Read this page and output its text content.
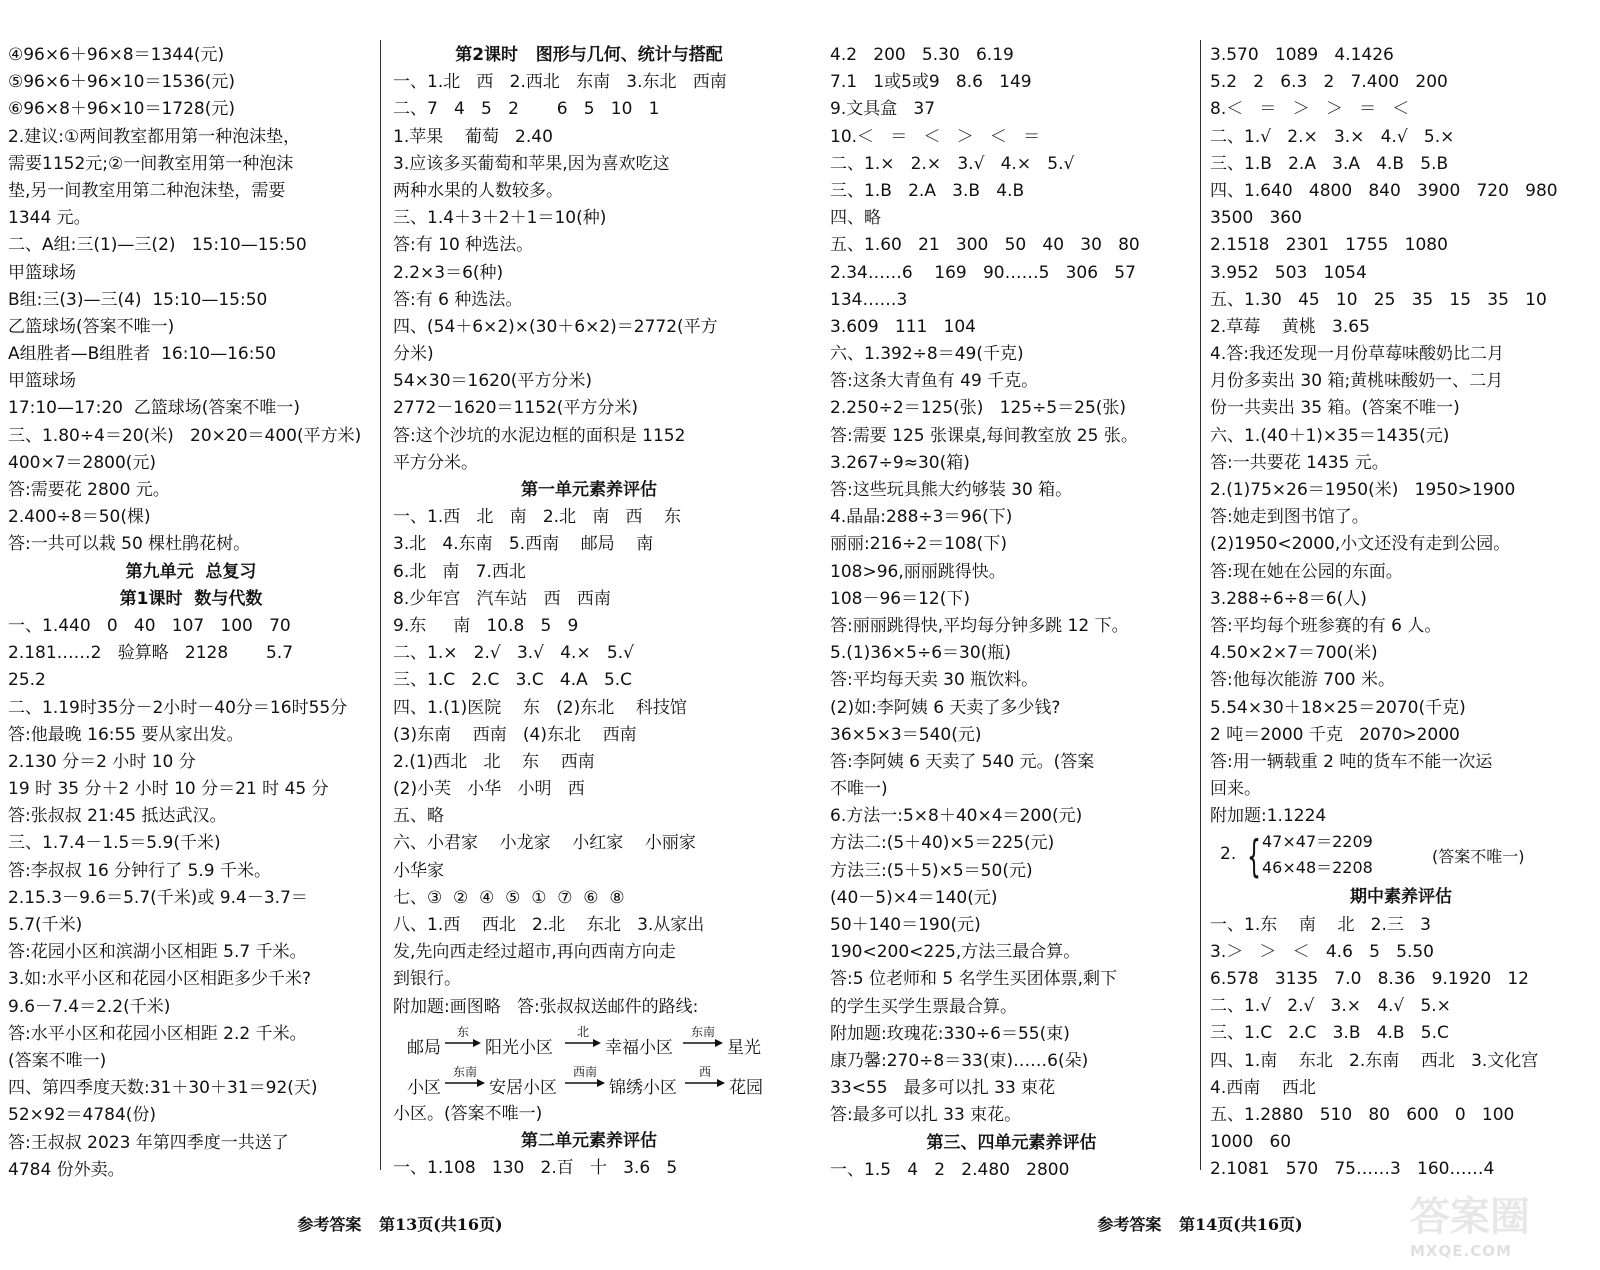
④96×6＋96×8＝1344(元)
⑤96×6＋96×10＝1536(元)
⑥96×8＋96×10＝1728(元)
2.建议:①两间教室都用第一种泡沫垫，
需要1152元;②一间教室用第一种泡沫
垫,另一间教室用第二种泡沫垫，需要
1344 元。
二、A组:三(1)—三(2)   15:10—15:50
甲篮球场
B组:三(3)—三(4)  15:10—15:50
乙篮球场(答案不唯一)
A组胜者—B组胜者  16:10—16:50
甲篮球场
17:10—17:20  乙篮球场(答案不唯一)
三、1.80÷4＝20(米)   20×20＝400(平方米)
400×7＝2800(元)
答:需要花 2800 元。
2.400÷8＝50(棵)
答:一共可以栽 50 棵杜鹃花树。
第九单元  总复习
第1课时  数与代数
一、1.440   0   40   107   100   70
2.181……2   验算略   2128       5.7
25.2
二、1.19时35分－2小时－40分＝16时55分
答:他最晚 16:55 要从家出发。
2.130 分＝2 小时 10 分
19 时 35 分＋2 小时 10 分＝21 时 45 分
答:张叔叔 21:45 抵达武汉。
三、1.7.4－1.5＝5.9(千米)
答:李叔叔 16 分钟行了 5.9 千米。
2.15.3－9.6＝5.7(千米)或 9.4－3.7＝
5.7(千米)
答:花园小区和滨湖小区相距 5.7 千米。
3.如:水平小区和花园小区相距多少千米?
9.6－7.4＝2.2(千米)
答:水平小区和花园小区相距 2.2 千米。
(答案不唯一)
四、第四季度天数:31＋30＋31＝92(天)
52×92＝4784(份)
答:王叔叔 2023 年第四季度一共送了
4784 份外卖。
第2课时   图形与几何、统计与搭配
一、1.北   西   2.西北   东南   3.东北   西南
二、7   4   5   2       6   5   10   1
1.苹果    葡萄   2.40
3.应该多买葡萄和苹果,因为喜欢吃这
两种水果的人数较多。
三、1.4＋3＋2＋1＝10(种)
答:有 10 种选法。
2.2×3＝6(种)
答:有 6 种选法。
四、(54＋6×2)×(30＋6×2)＝2772(平方
分米)
54×30＝1620(平方分米)
2772－1620＝1152(平方分米)
答:这个沙坑的水泥边框的面积是 1152
平方分米。
第一单元素养评估
一、1.西   北   南   2.北   南   西    东
3.北   4.东南   5.西南    邮局    南
6.北   南   7.西北
8.少年宫   汽车站   西   西南
9.东     南   10.8   5   9
二、1.×   2.√   3.√   4.×   5.√
三、1.C   2.C   3.C   4.A   5.C
四、1.(1)医院    东   (2)东北    科技馆
(3)东南    西南   (4)东北    西南
2.(1)西北   北    东    西南
(2)小芙   小华   小明   西
五、略
六、小君家    小龙家    小红家    小丽家
小华家
七、③  ②  ④  ⑤  ①  ⑦  ⑥  ⑧
八、1.西    西北   2.北    东北   3.从家出
发,先向西走经过超市,再向西南方向走
到银行。
附加题:画图略   答:张叔叔送邮件的路线:
邮局
东
阳光小区
北
幸福小区
东南
星光
小区
东南
安居小区
西南
锦绣小区
西
花园
小区。(答案不唯一)
第二单元素养评估
一、1.108   130   2.百   十   3.6   5
参考答案 第13页(共16页)
4.2   200   5.30   6.19
7.1   1或5或9   8.6   149
9.文具盒   37
10.＜   ＝   ＜   ＞   ＜   ＝
二、1.×   2.×   3.√   4.×   5.√
三、1.B   2.A   3.B   4.B
四、略
五、1.60   21   300   50   40   30   80
2.34……6    169   90……5   306   57
134……3
3.609   111   104
六、1.392÷8＝49(千克)
答:这条大青鱼有 49 千克。
2.250÷2＝125(张)   125÷5＝25(张)
答:需要 125 张课桌,每间教室放 25 张。
3.267÷9≈30(箱)
答:这些玩具熊大约够装 30 箱。
4.晶晶:288÷3＝96(下)
丽丽:216÷2＝108(下)
108>96,丽丽跳得快。
108－96＝12(下)
答:丽丽跳得快,平均每分钟多跳 12 下。
5.(1)36×5÷6＝30(瓶)
答:平均每天卖 30 瓶饮料。
(2)如:李阿姨 6 天卖了多少钱?
36×5×3＝540(元)
答:李阿姨 6 天卖了 540 元。(答案
不唯一)
6.方法一:5×8＋40×4＝200(元)
方法二:(5＋40)×5＝225(元)
方法三:(5＋5)×5＝50(元)
(40－5)×4＝140(元)
50＋140＝190(元)
190<200<225,方法三最合算。
答:5 位老师和 5 名学生买团体票,剩下
的学生买学生票最合算。
附加题:玫瑰花:330÷6＝55(束)
康乃馨:270÷8＝33(束)……6(朵)
33<55   最多可以扎 33 束花
答:最多可以扎 33 束花。
第三、四单元素养评估
一、1.5   4   2   2.480   2800
3.570   1089   4.1426
5.2   2   6.3   2   7.400   200
8.＜   ＝   ＞   ＞   ＝   ＜
二、1.√   2.×   3.×   4.√   5.×
三、1.B   2.A   3.A   4.B   5.B
四、1.640   4800   840   3900   720   980
3500   360
2.1518   2301   1755   1080
3.952   503   1054
五、1.30   45   10   25   35   15   35   10
2.草莓    黄桃   3.65
4.答:我还发现一月份草莓味酸奶比二月
月份多卖出 30 箱;黄桃味酸奶一、二月
份一共卖出 35 箱。(答案不唯一)
六、1.(40＋1)×35＝1435(元)
答:一共要花 1435 元。
2.(1)75×26＝1950(米)   1950>1900
答:她走到图书馆了。
(2)1950<2000,小文还没有走到公园。
答:现在她在公园的东面。
3.288÷6÷8＝6(人)
答:平均每个班参赛的有 6 人。
4.50×2×7＝700(米)
答:他每次能游 700 米。
5.54×30＋18×25＝2070(千克)
2 吨＝2000 千克   2070>2000
答:用一辆载重 2 吨的货车不能一次运
回来。
附加题:1.1224
2. { 47×47＝2209
46×48＝2208
(答案不唯一)
期中素养评估
一、1.东    南    北   2.三   3
3.＞   ＞   ＜   4.6   5   5.50
6.578   3135   7.0   8.36   9.1920   12
二、1.√   2.√   3.×   4.√   5.×
三、1.C   2.C   3.B   4.B   5.C
四、1.南    东北   2.东南    西北   3.文化宫
4.西南    西北
五、1.2880   510   80   600   0   100
1000   60
2.1081   570   75……3   160……4
参考答案 第14页(共16页)	答案圈
MXQE.COM
